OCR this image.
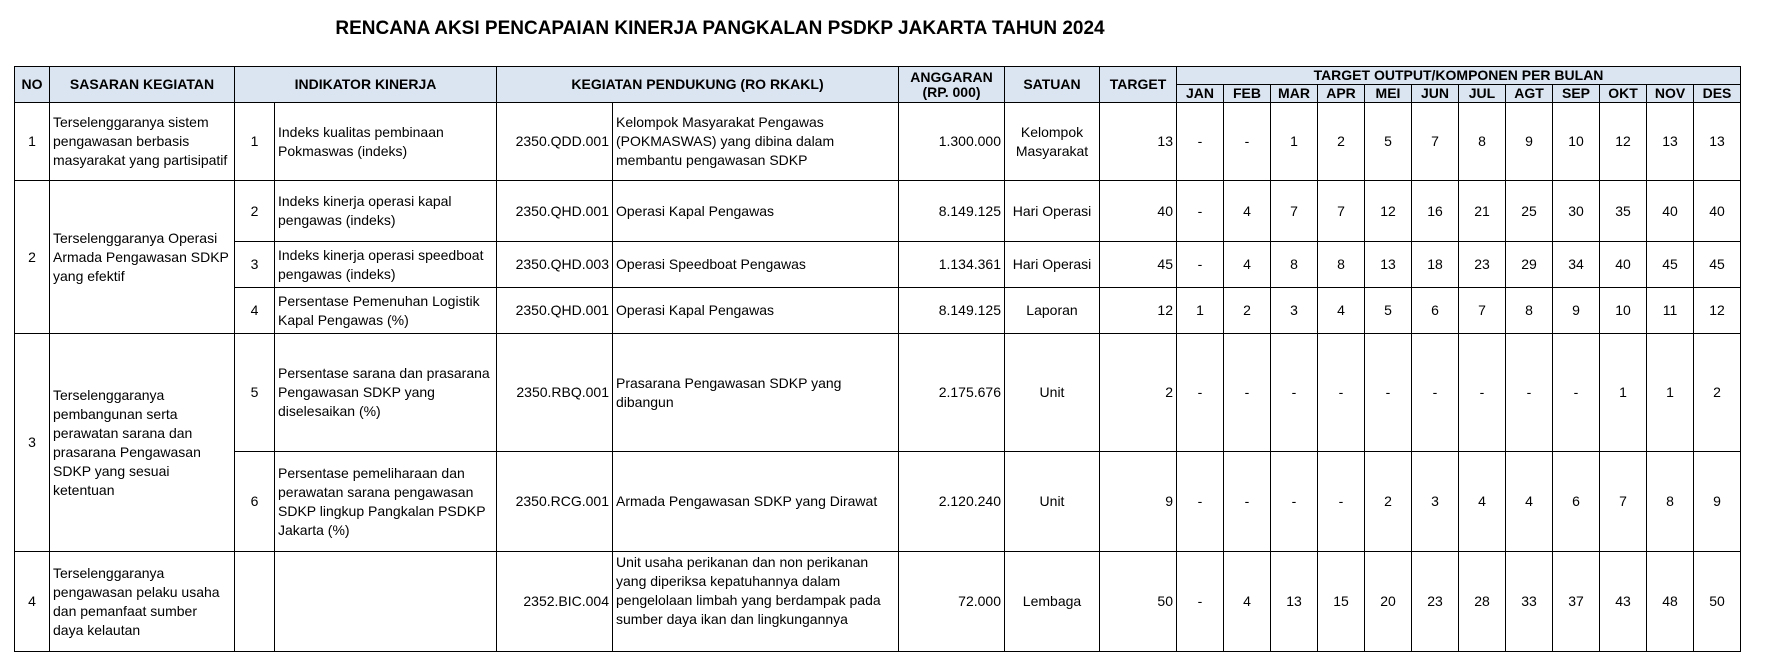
RENCANA AKSI PENCAPAIAN KINERJA PANGKALAN PSDKP JAKARTA TAHUN 2024
NO	SASARAN KEGIATAN	INDIKATOR KINERJA		KEGIATAN PENDUKUNG (RO RKAKL)		ANGGARAN (RP. 000)	SATUAN	TARGET	TARGET OUTPUT/KOMPONEN PER BULAN											
									JAN	FEB	MAR	APR	MEI	JUN	JUL	AGT	SEP	OKT	NOV	DES
1	Terselenggaranya sistem pengawasan berbasis masyarakat yang partisipatif	1	Indeks kualitas pembinaan Pokmaswas (indeks)	2350.QDD.001	Kelompok Masyarakat Pengawas (POKMASWAS) yang dibina dalam membantu pengawasan SDKP	1.300.000	Kelompok Masyarakat	13	-	-	1	2	5	7	8	9	10	12	13	13
2	Terselenggaranya Operasi Armada Pengawasan SDKP yang efektif	2	Indeks kinerja operasi kapal pengawas (indeks)	2350.QHD.001	Operasi Kapal Pengawas	8.149.125	Hari Operasi	40	-	4	7	7	12	16	21	25	30	35	40	40
		3	Indeks kinerja operasi speedboat pengawas (indeks)	2350.QHD.003	Operasi Speedboat Pengawas	1.134.361	Hari Operasi	45	-	4	8	8	13	18	23	29	34	40	45	45
		4	Persentase Pemenuhan Logistik Kapal Pengawas (%)	2350.QHD.001	Operasi Kapal Pengawas	8.149.125	Laporan	12	1	2	3	4	5	6	7	8	9	10	11	12
3	Terselenggaranya pembangunan serta perawatan sarana dan prasarana Pengawasan SDKP yang sesuai ketentuan	5	Persentase sarana dan prasarana Pengawasan SDKP yang diselesaikan (%)	2350.RBQ.001	Prasarana Pengawasan SDKP yang dibangun	2.175.676	Unit	2	-	-	-	-	-	-	-	-	-	1	1	2
		6	Persentase pemeliharaan dan perawatan sarana pengawasan SDKP lingkup Pangkalan PSDKP Jakarta (%)	2350.RCG.001	Armada Pengawasan SDKP yang Dirawat	2.120.240	Unit	9	-	-	-	-	2	3	4	4	6	7	8	9
4	Terselenggaranya pengawasan pelaku usaha dan pemanfaat sumber daya kelautan			2352.BIC.004	Unit usaha perikanan dan non perikanan yang diperiksa kepatuhannya dalam pengelolaan limbah yang berdampak pada sumber daya ikan dan lingkungannya	72.000	Lembaga	50	-	4	13	15	20	23	28	33	37	43	48	50
